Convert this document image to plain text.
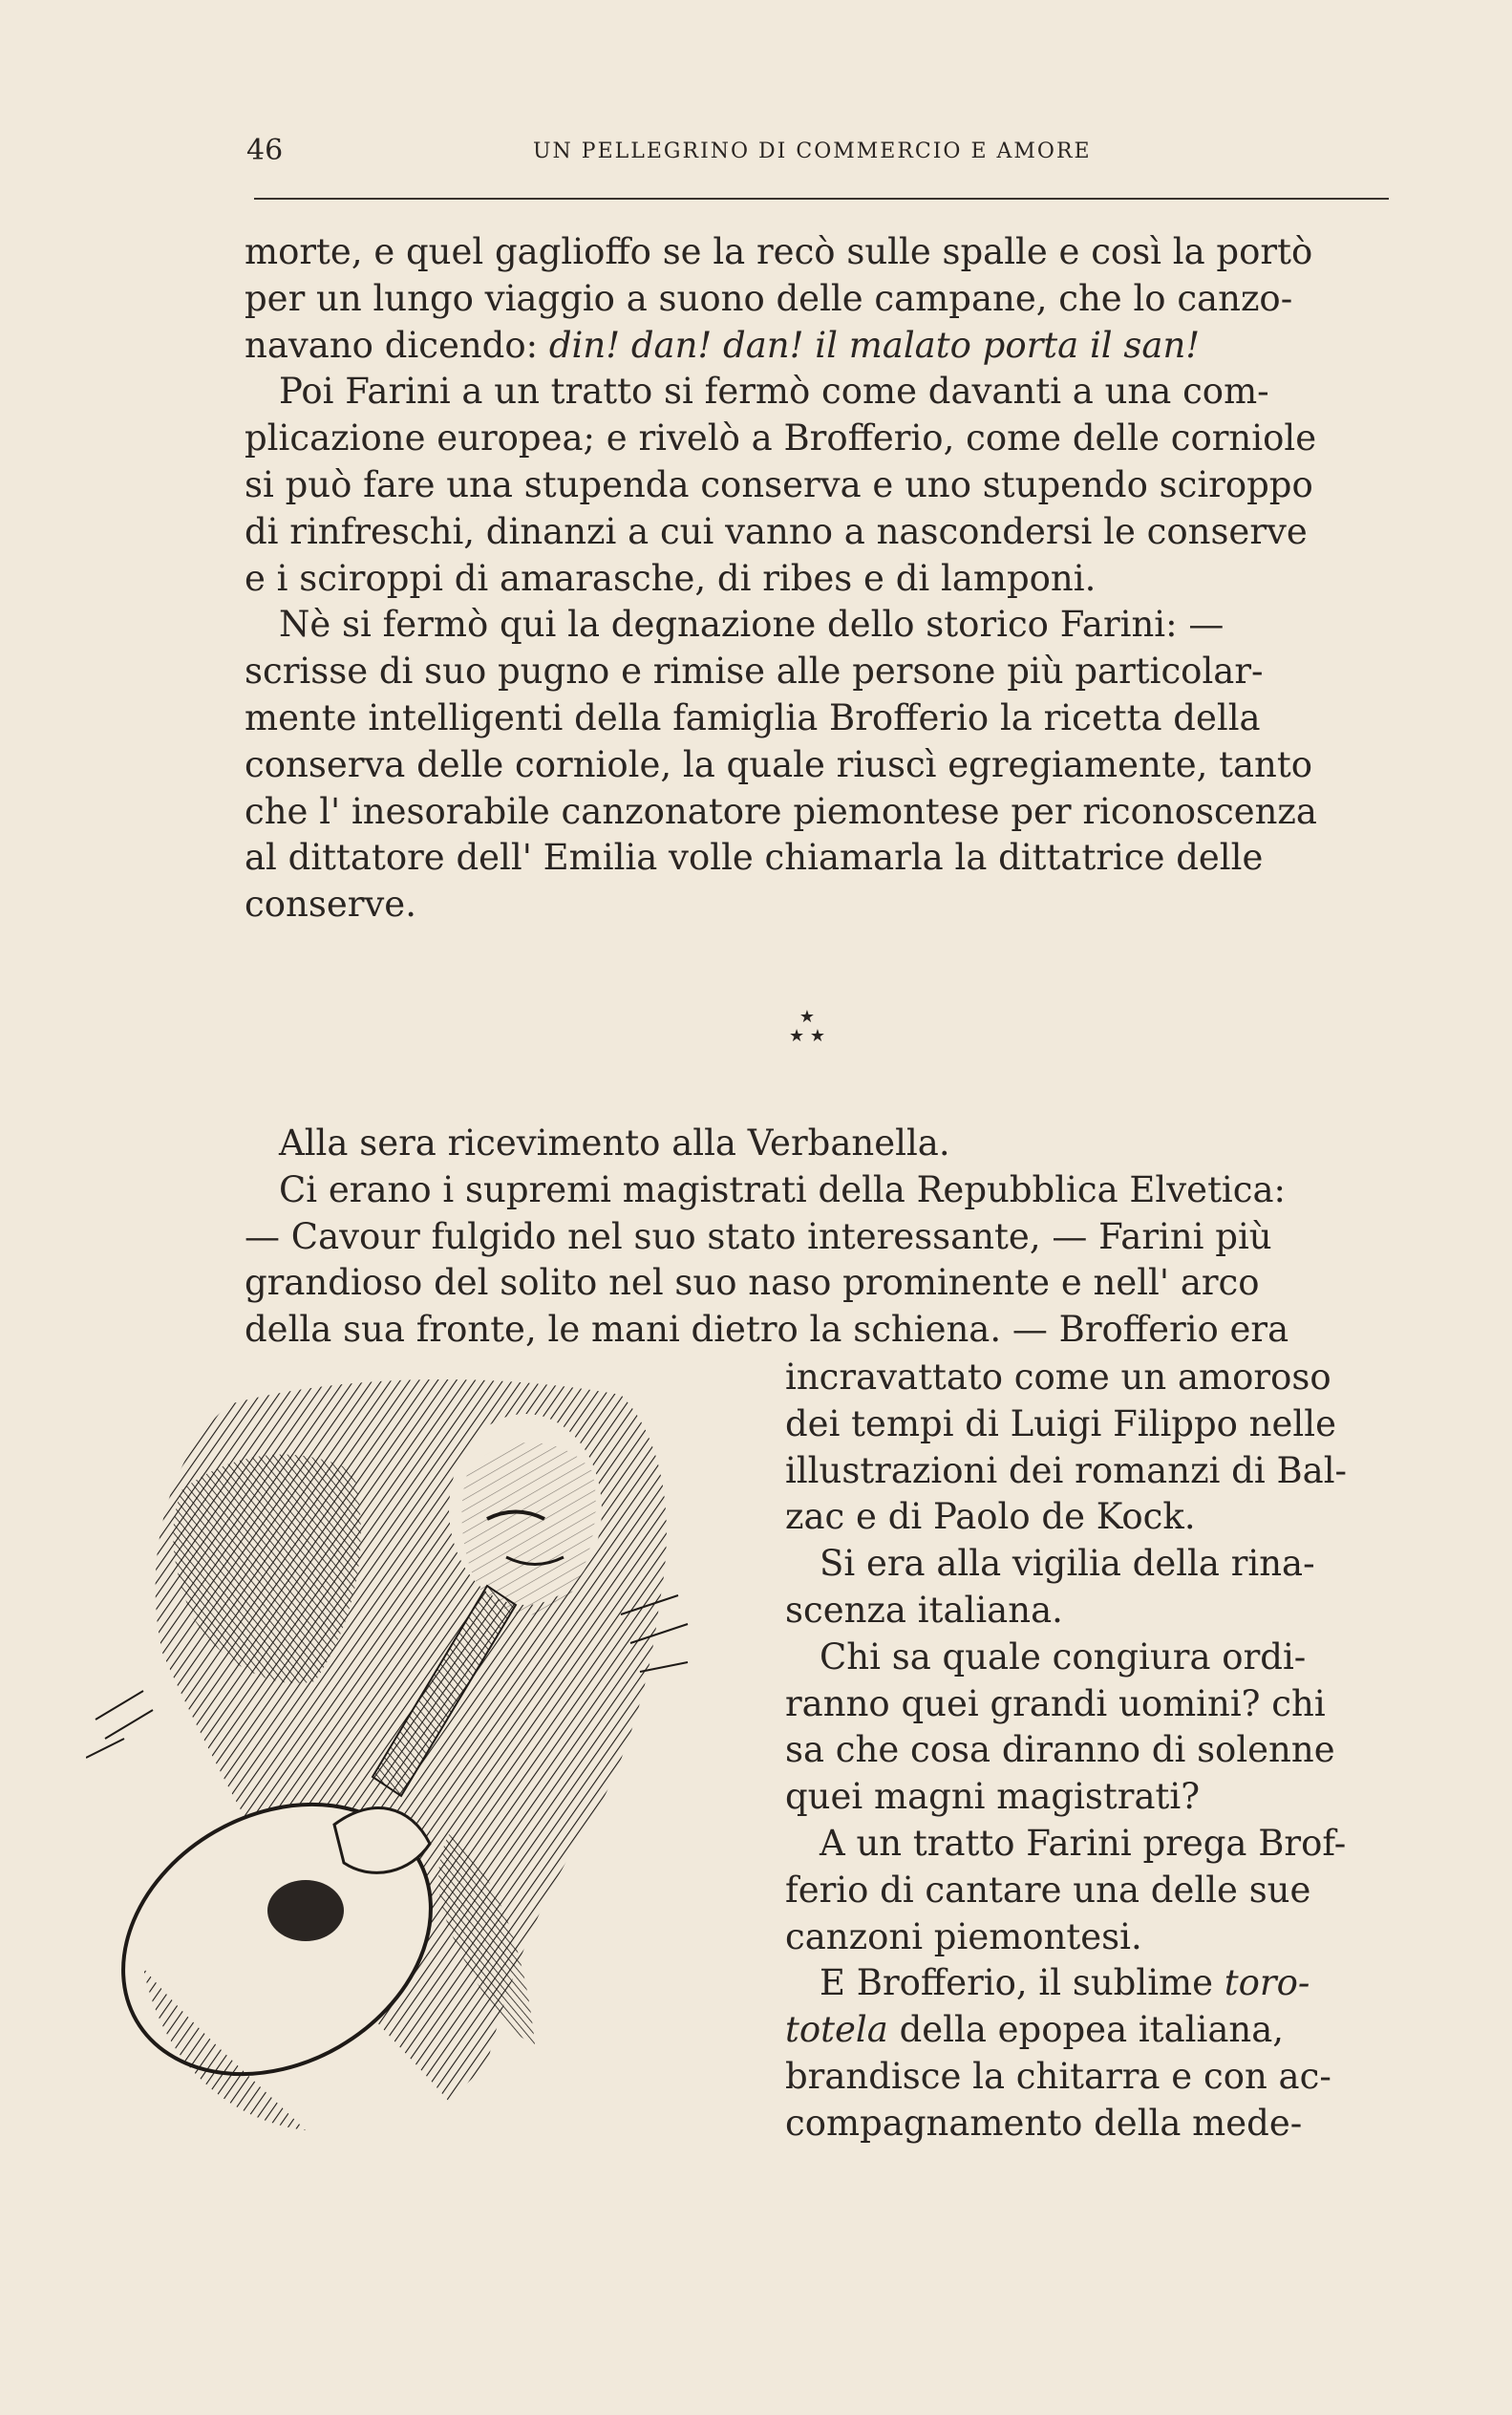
46	UN PELLEGRINO DI COMMERCIO E AMORE
morte, e quel gaglioffo se la recò sulle spalle e così la portò
per un lungo viaggio a suono delle campane, che lo canzo-
navano dicendo: din! dan! dan! il malato porta il san!
Poi Farini a un tratto si fermò come davanti a una com-
plicazione europea; e rivelò a Brofferio, come delle corniole
si può fare una stupenda conserva e uno stupendo sciroppo
di rinfreschi, dinanzi a cui vanno a nascondersi le conserve
e i sciroppi di amarasche, di ribes e di lamponi.
Nè si fermò qui la degnazione dello storico Farini: —
scrisse di suo pugno e rimise alle persone più particolar-
mente intelligenti della famiglia Brofferio la ricetta della
conserva delle corniole, la quale riuscì egregiamente, tanto
che l' inesorabile canzonatore piemontese per riconoscenza
al dittatore dell' Emilia volle chiamarla la dittatrice delle
conserve.
★
★ ★
Alla sera ricevimento alla Verbanella.
Ci erano i supremi magistrati della Repubblica Elvetica:
— Cavour fulgido nel suo stato interessante, — Farini più
grandioso del solito nel suo naso prominente e nell' arco
della sua fronte, le mani dietro la schiena. — Brofferio era
incravattato come un amoroso
dei tempi di Luigi Filippo nelle
illustrazioni dei romanzi di Bal-
zac e di Paolo de Kock.
Si era alla vigilia della rina-
scenza italiana.
Chi sa quale congiura ordi-
ranno quei grandi uomini? chi
sa che cosa diranno di solenne
quei magni magistrati?
A un tratto Farini prega Brof-
ferio di cantare una delle sue
canzoni piemontesi.
E Brofferio, il sublime toro-
totela della epopea italiana,
brandisce la chitarra e con ac-
compagnamento della mede-
